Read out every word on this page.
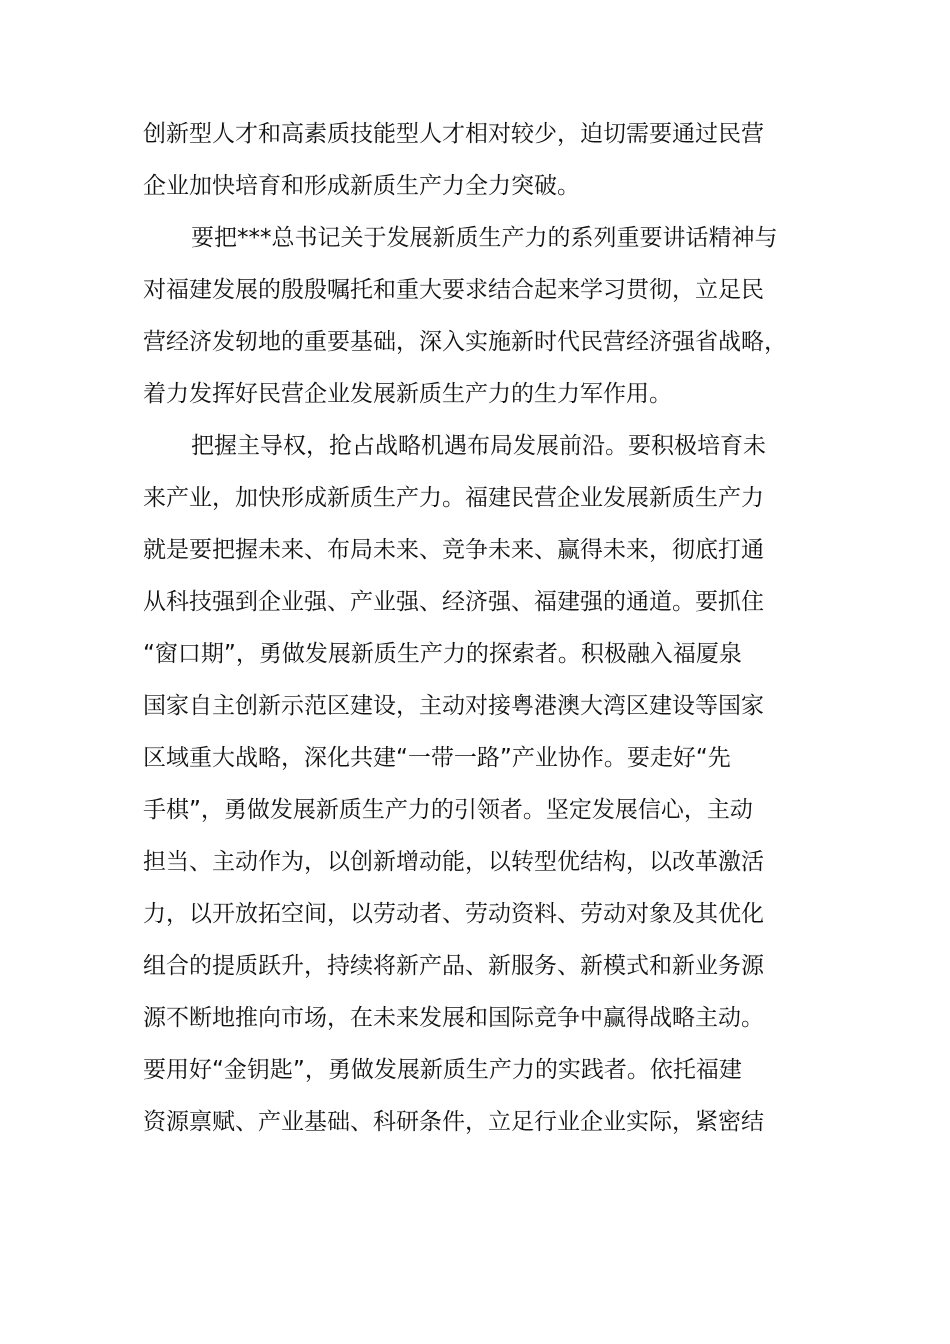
创新型人才和高素质技能型人才相对较少，迫切需要通过民营
企业加快培育和形成新质生产力全力突破。
要把***总书记关于发展新质生产力的系列重要讲话精神与
对福建发展的殷殷嘱托和重大要求结合起来学习贯彻，立足民
营经济发轫地的重要基础，深入实施新时代民营经济强省战略，
着力发挥好民营企业发展新质生产力的生力军作用。
把握主导权，抢占战略机遇布局发展前沿。要积极培育未
来产业，加快形成新质生产力。福建民营企业发展新质生产力
就是要把握未来、布局未来、竞争未来、赢得未来，彻底打通
从科技强到企业强、产业强、经济强、福建强的通道。要抓住
“窗口期”，勇做发展新质生产力的探索者。积极融入福厦泉
国家自主创新示范区建设，主动对接粤港澳大湾区建设等国家
区域重大战略，深化共建“一带一路”产业协作。要走好“先
手棋”，勇做发展新质生产力的引领者。坚定发展信心，主动
担当、主动作为，以创新增动能，以转型优结构，以改革激活
力，以开放拓空间，以劳动者、劳动资料、劳动对象及其优化
组合的提质跃升，持续将新产品、新服务、新模式和新业务源
源不断地推向市场，在未来发展和国际竞争中赢得战略主动。
要用好“金钥匙”，勇做发展新质生产力的实践者。依托福建
资源禀赋、产业基础、科研条件，立足行业企业实际，紧密结
